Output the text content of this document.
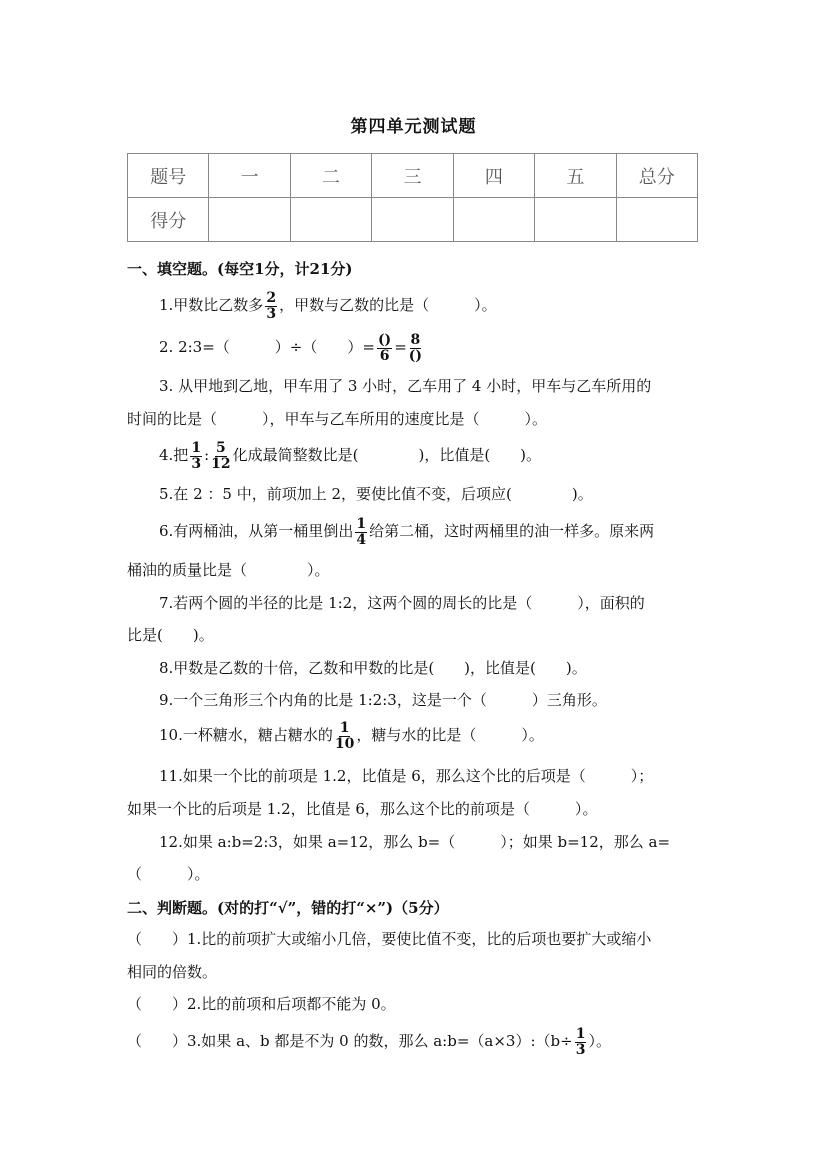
第四单元测试题
题号	一	二	三	四	五	总分
得分						
一、填空题。(每空1分，计21分)
1.甲数比乙数多 $\frac{2}{3}$ ，甲数与乙数的比是（　　　）。
2. 2:3=（　　　）÷（　　）= $\frac{()}{6} = \frac{8}{()}$
3. 从甲地到乙地，甲车用了 3 小时，乙车用了 4 小时，甲车与乙车所用的
时间的比是（　　　），甲车与乙车所用的速度比是（　　　）。
4.把 $\frac{1}{3}$ : $\frac{5}{12}$ 化成最简整数比是(　　　　)，比值是(　　)。
5.在 2 ：5 中，前项加上 2，要使比值不变，后项应(　　　　)。
6.有两桶油，从第一桶里倒出 $\frac{1}{4}$ 给第二桶，这时两桶里的油一样多。原来两
桶油的质量比是（　　　　）。
7.若两个圆的半径的比是 1:2，这两个圆的周长的比是（　　　），面积的
比是(　　)。
8.甲数是乙数的十倍，乙数和甲数的比是(　　)，比值是(　　)。
9.一个三角形三个内角的比是 1:2:3，这是一个（　　　）三角形。
10.一杯糖水，糖占糖水的 $\frac{1}{10}$ ，糖与水的比是（　　　）。
11.如果一个比的前项是 1.2，比值是 6，那么这个比的后项是（　　　）；
如果一个比的后项是 1.2，比值是 6，那么这个比的前项是（　　　）。
12.如果 a:b=2:3，如果 a=12，那么 b=（　　　）；如果 b=12，那么 a=
（　　　）。
二、判断题。(对的打“√”，错的打“×”)（5分）
（　　）1.比的前项扩大或缩小几倍，要使比值不变，比的后项也要扩大或缩小
相同的倍数。
（　　）2.比的前项和后项都不能为 0。
（　　）3.如果 a、b 都是不为 0 的数，那么 a:b=（a×3）:（b÷ $\frac{1}{3}$ ）。
